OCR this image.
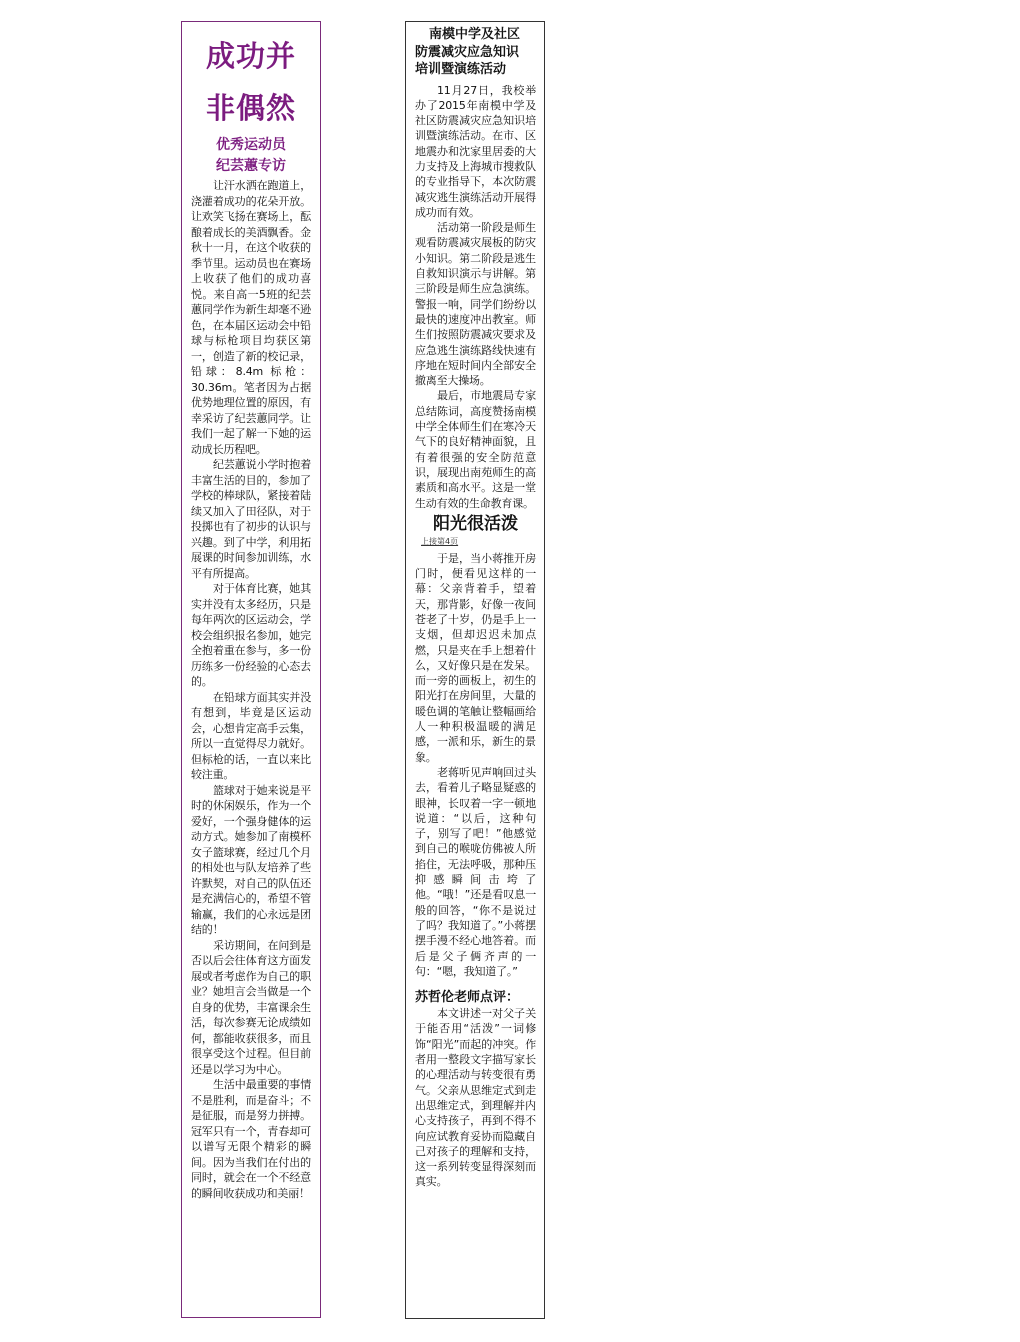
成功并
非偶然
优秀运动员
纪芸蕙专访

让汗水洒在跑道上，浇灌着成功的花朵开放。让欢笑飞扬在赛场上，酝酿着成长的美酒飘香。金秋十一月，在这个收获的季节里。运动员也在赛场上收获了他们的成功喜悦。来自高一5班的纪芸蕙同学作为新生却毫不逊色，在本届区运动会中铅球与标枪项目均获区第一，创造了新的校记录，铅球：8.4m 标枪：30.36m。笔者因为占据优势地理位置的原因，有幸采访了纪芸蕙同学。让我们一起了解一下她的运动成长历程吧。

纪芸蕙说小学时抱着丰富生活的目的，参加了学校的棒球队，紧接着陆续又加入了田径队，对于投掷也有了初步的认识与兴趣。到了中学，利用拓展课的时间参加训练，水平有所提高。

对于体育比赛，她其实并没有太多经历，只是每年两次的区运动会，学校会组织报名参加，她完全抱着重在参与，多一份历练多一份经验的心态去的。

在铅球方面其实并没有想到，毕竟是区运动会，心想肯定高手云集，所以一直觉得尽力就好。但标枪的话，一直以来比较注重。

篮球对于她来说是平时的休闲娱乐，作为一个爱好，一个强身健体的运动方式。她参加了南模杯女子篮球赛，经过几个月的相处也与队友培养了些许默契，对自己的队伍还是充满信心的，希望不管输赢，我们的心永远是团结的！

采访期间，在问到是否以后会往体育这方面发展或者考虑作为自己的职业？她坦言会当做是一个自身的优势，丰富课余生活，每次参赛无论成绩如何，都能收获很多，而且很享受这个过程。但目前还是以学习为中心。

生活中最重要的事情不是胜利，而是奋斗；不是征服，而是努力拼搏。冠军只有一个，青春却可以谱写无限个精彩的瞬间。因为当我们在付出的同时，就会在一个不经意的瞬间收获成功和美丽！

南模中学及社区
防震减灾应急知识
培训暨演练活动

11月27日，我校举办了2015年南模中学及社区防震减灾应急知识培训暨演练活动。在市、区地震办和沈家里居委的大力支持及上海城市搜救队的专业指导下，本次防震减灾逃生演练活动开展得成功而有效。

活动第一阶段是师生观看防震减灾展板的防灾小知识。第二阶段是逃生自救知识演示与讲解。第三阶段是师生应急演练。警报一响，同学们纷纷以最快的速度冲出教室。师生们按照防震减灾要求及应急逃生演练路线快速有序地在短时间内全部安全撤离至大操场。

最后，市地震局专家总结陈词，高度赞扬南模中学全体师生们在寒冷天气下的良好精神面貌，且有着很强的安全防范意识，展现出南苑师生的高素质和高水平。这是一堂生动有效的生命教育课。

阳光很活泼
上接第4页

于是，当小蒋推开房门时，便看见这样的一幕：父亲背着手，望着天，那背影，好像一夜间苍老了十岁，仍是手上一支烟，但却迟迟未加点燃，只是夹在手上想着什么，又好像只是在发呆。而一旁的画板上，初生的阳光打在房间里，大量的暖色调的笔触让整幅画给人一种积极温暖的满足感，一派和乐，新生的景象。

老蒋听见声响回过头去，看着儿子略显疑惑的眼神，长叹着一字一顿地说道：“以后，这种句子，别写了吧！”他感觉到自己的喉咙仿佛被人所掐住，无法呼吸，那种压抑感瞬间击垮了他。“哦！”还是看叹息一般的回答，“你不是说过了吗？我知道了。”小蒋摆摆手漫不经心地答着。而后是父子俩齐声的一句：“嗯，我知道了。”

苏哲伦老师点评：

本文讲述一对父子关于能否用“活泼”一词修饰“阳光”而起的冲突。作者用一整段文字描写家长的心理活动与转变很有勇气。父亲从思维定式到走出思维定式，到理解并内心支持孩子，再到不得不向应试教育妥协而隐藏自己对孩子的理解和支持，这一系列转变显得深刻而真实。
